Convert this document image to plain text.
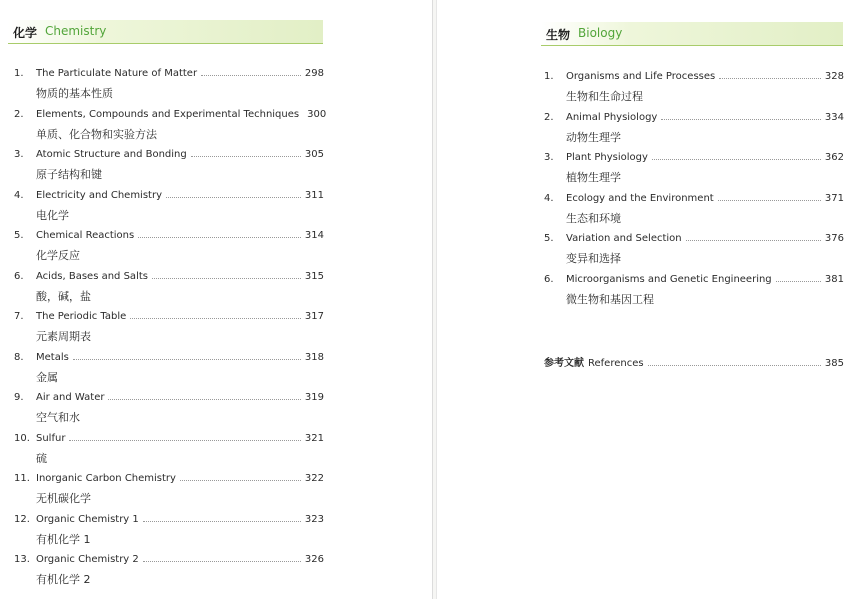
化学 Chemistry
1.	The Particulate Nature of Matter	298
物质的基本性质
2.	Elements, Compounds and Experimental Techniques 300
单质、化合物和实验方法
3.	Atomic Structure and Bonding	305
原子结构和键
4.	Electricity and Chemistry	311
电化学
5.	Chemical Reactions	314
化学反应
6.	Acids, Bases and Salts	315
酸，碱，盐
7.	The Periodic Table	317
元素周期表
8.	Metals	318
金属
9.	Air and Water	319
空气和水
10. Sulfur	321
硫
11. Inorganic Carbon Chemistry	322
无机碳化学
12. Organic Chemistry 1	323
有机化学 1
13. Organic Chemistry 2	326
有机化学 2
生物 Biology
1.	Organisms and Life Processes	328
生物和生命过程
2.	Animal Physiology	334
动物生理学
3.	Plant Physiology	362
植物生理学
4.	Ecology and the Environment	371
生态和环境
5.	Variation and Selection	376
变异和选择
6.	Microorganisms and Genetic Engineering	381
微生物和基因工程
参考文献 References	385
